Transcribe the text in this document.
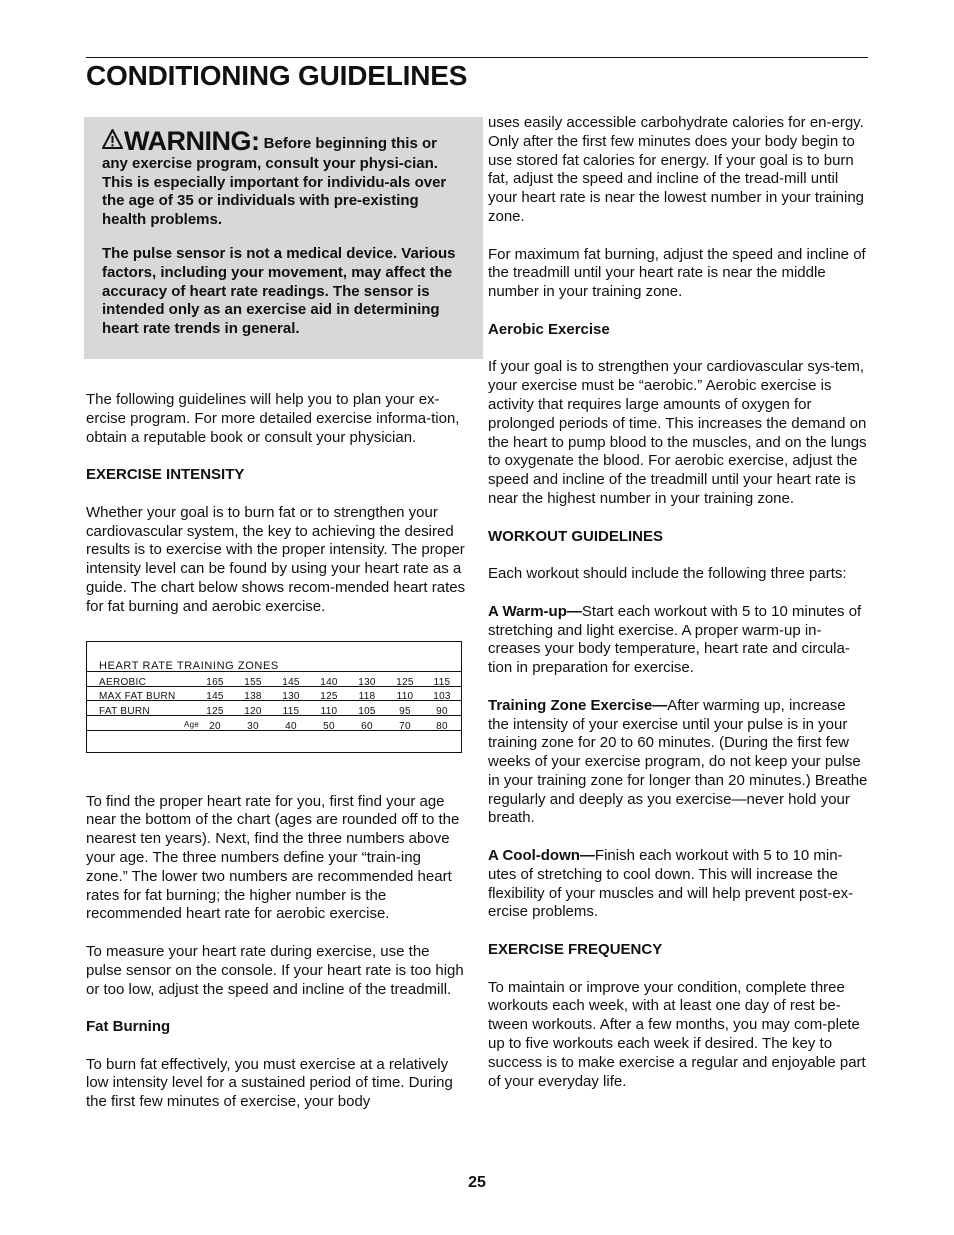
CONDITIONING GUIDELINES

WARNING: Before beginning this or any exercise program, consult your physi-cian. This is especially important for individu-als over the age of 35 or individuals with pre-existing health problems.

The pulse sensor is not a medical device. Various factors, including your movement, may affect the accuracy of heart rate readings. The sensor is intended only as an exercise aid in determining heart rate trends in general.

The following guidelines will help you to plan your ex-ercise program. For more detailed exercise informa-tion, obtain a reputable book or consult your physician.

EXERCISE INTENSITY

Whether your goal is to burn fat or to strengthen your cardiovascular system, the key to achieving the desired results is to exercise with the proper intensity. The proper intensity level can be found by using your heart rate as a guide. The chart below shows recom-mended heart rates for fat burning and aerobic exercise.

HEART RATE TRAINING ZONES
AEROBIC	165	155	145	140	130	125	115
MAX FAT BURN	145	138	130	125	118	110	103
FAT BURN	125	120	115	110	105	95	90
Age 20	30	40	50	60	70	80

To find the proper heart rate for you, first find your age near the bottom of the chart (ages are rounded off to the nearest ten years). Next, find the three numbers above your age. The three numbers define your “train-ing zone.” The lower two numbers are recommended heart rates for fat burning; the higher number is the recommended heart rate for aerobic exercise.

To measure your heart rate during exercise, use the pulse sensor on the console. If your heart rate is too high or too low, adjust the speed and incline of the treadmill.

Fat Burning

To burn fat effectively, you must exercise at a relatively low intensity level for a sustained period of time. During the first few minutes of exercise, your body

uses easily accessible carbohydrate calories for en-ergy. Only after the first few minutes does your body begin to use stored fat calories for energy. If your goal is to burn fat, adjust the speed and incline of the tread-mill until your heart rate is near the lowest number in your training zone.

For maximum fat burning, adjust the speed and incline of the treadmill until your heart rate is near the middle number in your training zone.

Aerobic Exercise

If your goal is to strengthen your cardiovascular sys-tem, your exercise must be “aerobic.” Aerobic exercise is activity that requires large amounts of oxygen for prolonged periods of time. This increases the demand on the heart to pump blood to the muscles, and on the lungs to oxygenate the blood. For aerobic exercise, adjust the speed and incline of the treadmill until your heart rate is near the highest number in your training zone.

WORKOUT GUIDELINES

Each workout should include the following three parts:

A Warm-up—Start each workout with 5 to 10 minutes of stretching and light exercise. A proper warm-up in-creases your body temperature, heart rate and circula-tion in preparation for exercise.

Training Zone Exercise—After warming up, increase the intensity of your exercise until your pulse is in your training zone for 20 to 60 minutes. (During the first few weeks of your exercise program, do not keep your pulse in your training zone for longer than 20 minutes.) Breathe regularly and deeply as you exercise—never hold your breath.

A Cool-down—Finish each workout with 5 to 10 min-utes of stretching to cool down. This will increase the flexibility of your muscles and will help prevent post-ex-ercise problems.

EXERCISE FREQUENCY

To maintain or improve your condition, complete three workouts each week, with at least one day of rest be-tween workouts. After a few months, you may com-plete up to five workouts each week if desired. The key to success is to make exercise a regular and enjoyable part of your everyday life.

25
